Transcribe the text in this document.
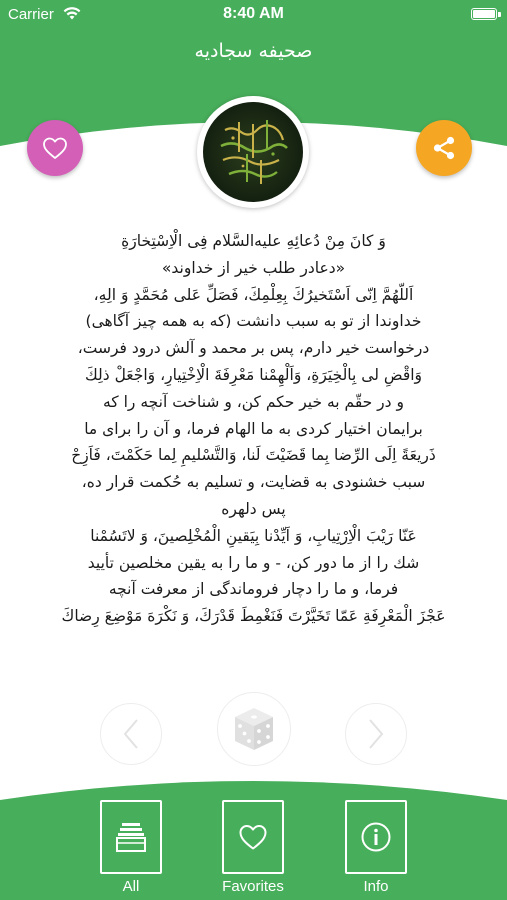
Carrier	8:40 AM
صحیفه سجادیه
وَ كانَ مِنْ دُعائِهِ عليه‌السَّلام فِی الْاِسْتِخارَةِ
«دعادر طلب خير از خداوند»
اَللّهُمَّ اِنّی اَسْتَخیرُكَ بِعِلْمِكَ، فَصَلِّ عَلی مُحَمَّدٍ وَ الِهِ،
خداوندا از تو به سبب دانشت (كه به همه چیز آگاهی)
درخواست خير دارم، پس بر محمد و آلش درود فرست،
وَاقْضِ لی بِالْخِیَرَةِ، وَاَلْهِمْنا مَعْرِفَةَ الْاِخْتِیارِ، وَاجْعَلْ ذلِكَ
و در حقّم به خير حكم كن، و شناخت آنچه را كه
برايمان اختيار كردی به ما الهام فرما، و آن را برای ما
ذَریعَةً اِلَی الرِّضا بِما قَضَیْتَ لَنا، وَالتَّسْلیمِ لِما حَكَمْتَ، فَاَزِحْ
سبب خشنودی به قضايت، و تسليم به حُكمت قرار ده،
پس دلهره
عَنّا رَیْبَ الْاِرْتِیابِ، وَ اَیِّدْنا بِیَقینِ الْمُخْلِصینَ، وَ لاتَسُمْنا
شك را از ما دور كن، - و ما را به يقين مخلصين تأييد
فرما، و ما را دچار فروماندگی از معرفت آنچه
عَجْزَ الْمَعْرِفَةِ عَمّا تَخَیَّرْتَ فَنَغْمِطَ قَدْرَكَ، وَ نَكْرَهَ مَوْضِعَ رِضاكَ
All	Favorites	Info
